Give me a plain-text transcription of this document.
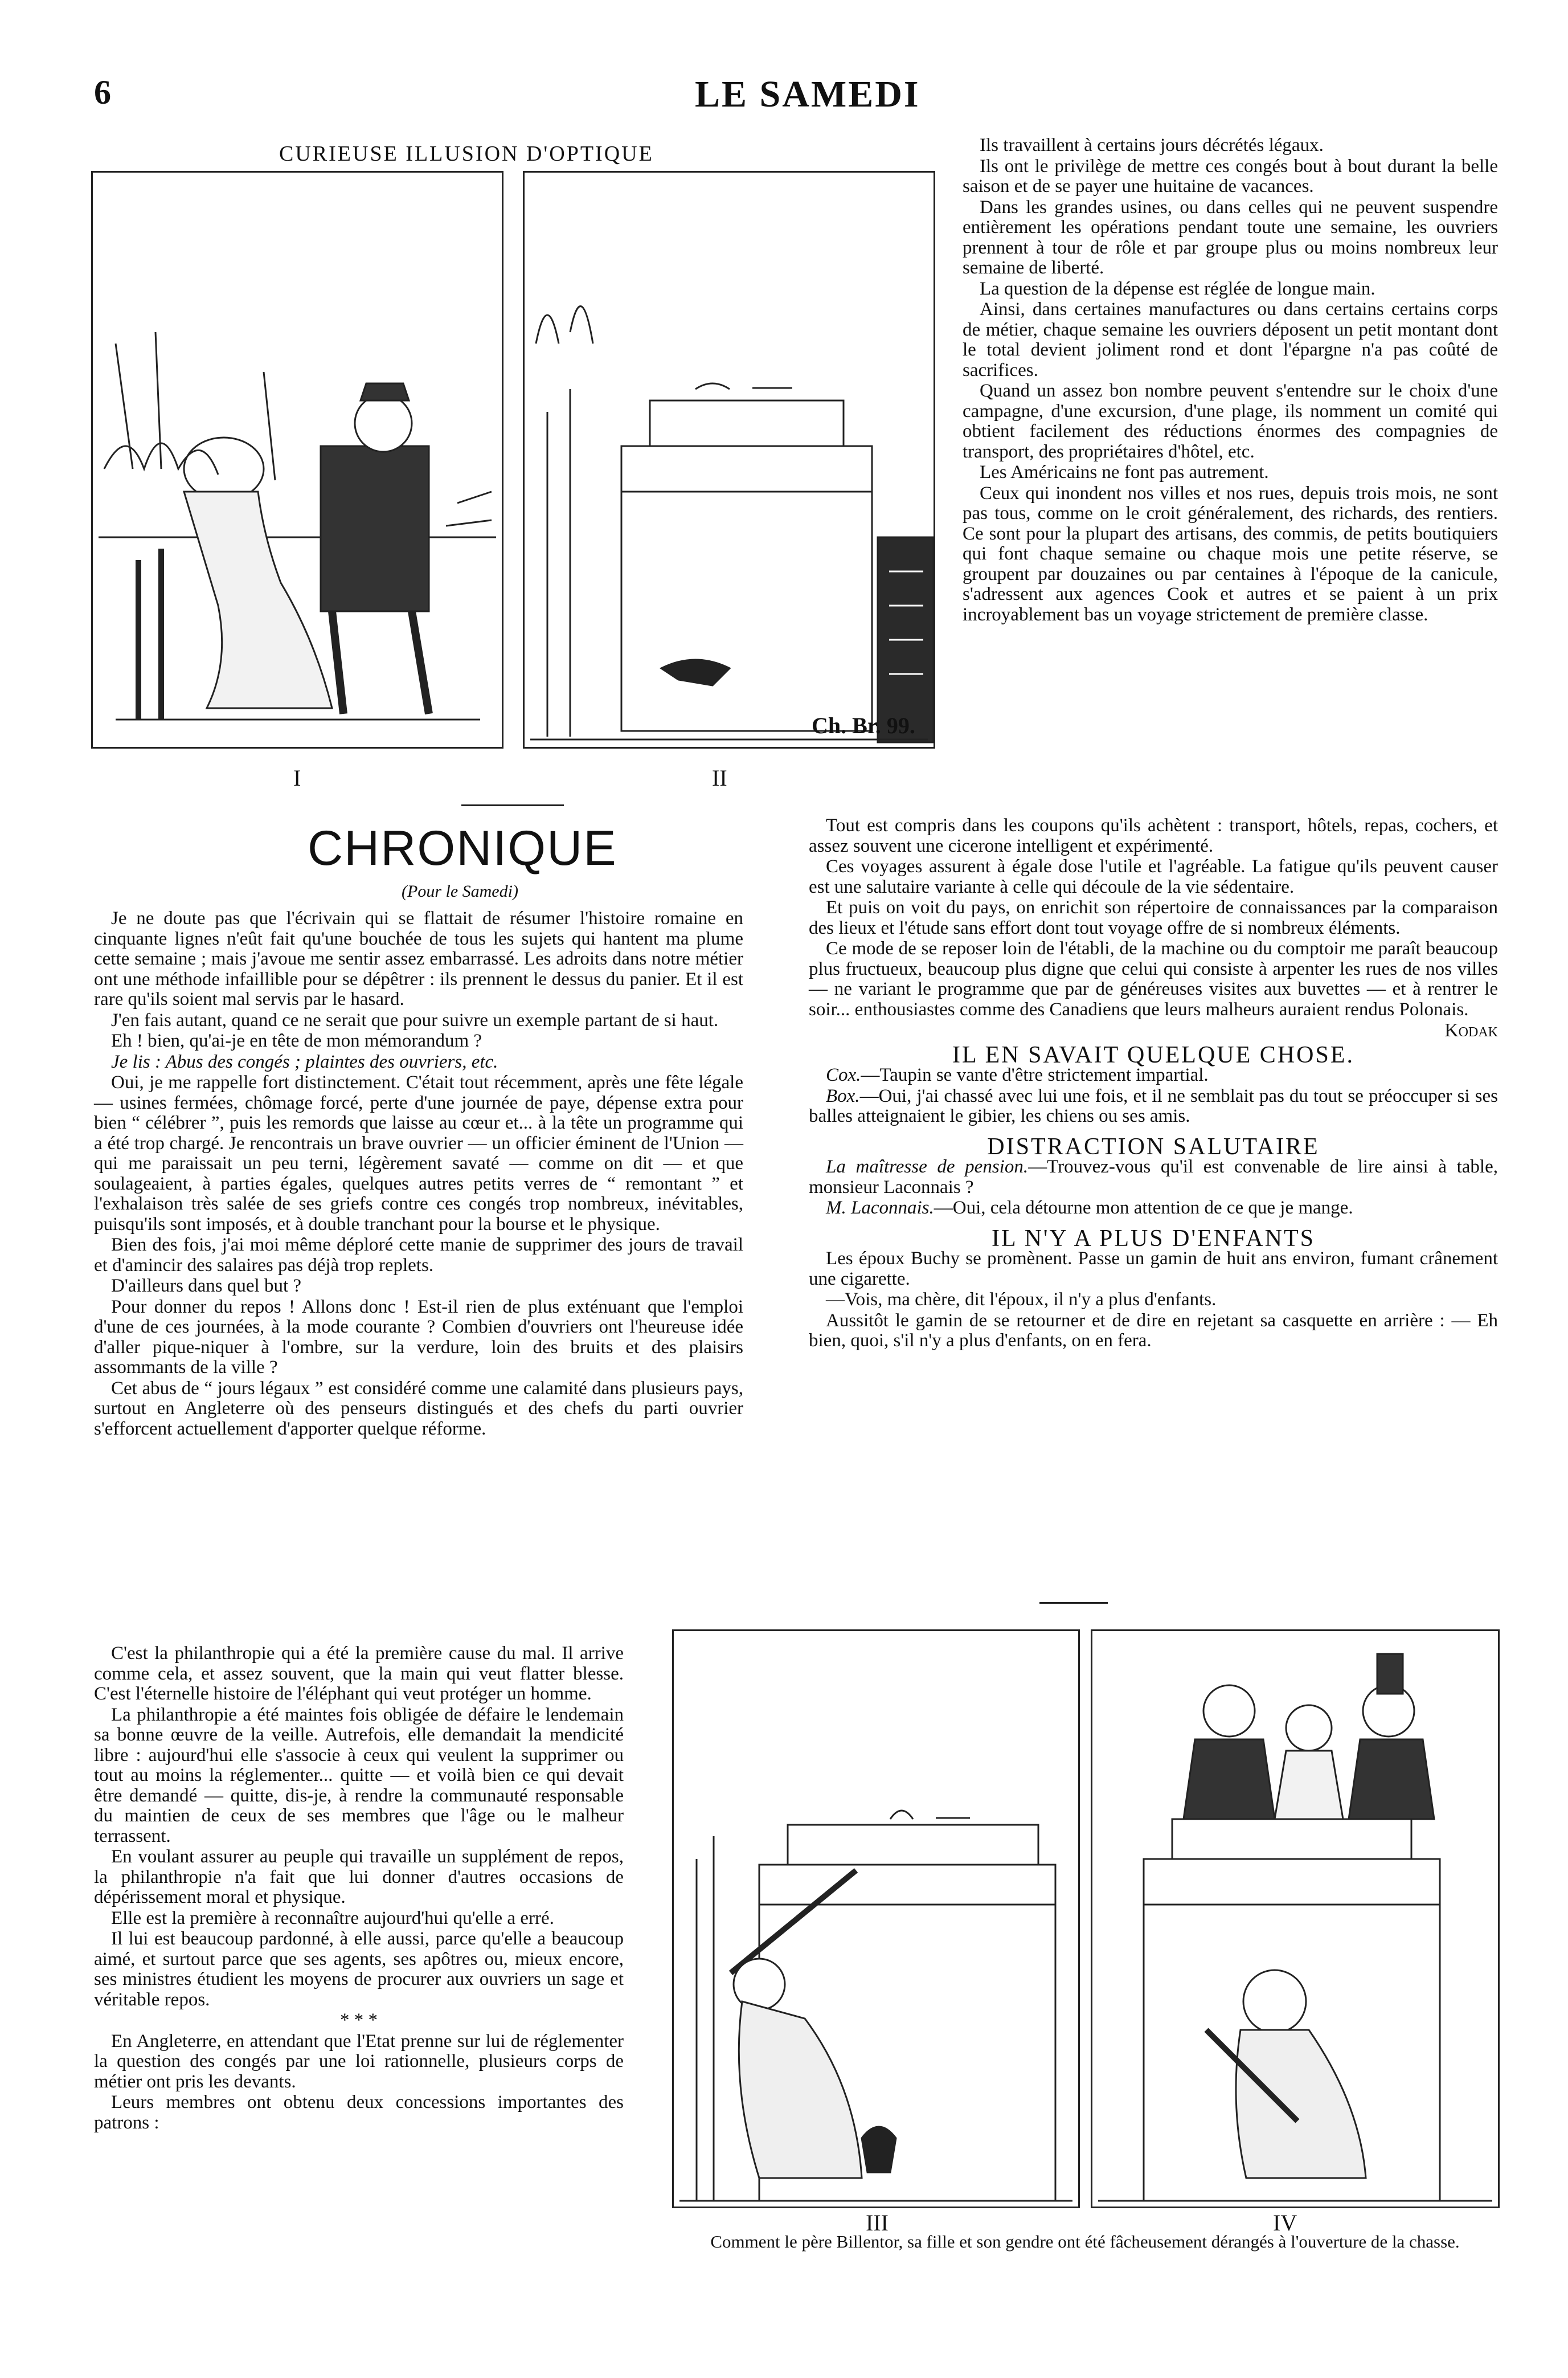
6	LE SAMEDI
CURIEUSE ILLUSION D'OPTIQUE
I
Ch. Br. 99.
II
CHRONIQUE
(Pour le Samedi)

Je ne doute pas que l'écrivain qui se flattait de résumer l'histoire romaine en cinquante lignes n'eût fait qu'une bouchée de tous les sujets qui hantent ma plume cette semaine ; mais j'avoue me sentir assez embarrassé. Les adroits dans notre métier ont une méthode infaillible pour se dépêtrer : ils prennent le dessus du panier. Et il est rare qu'ils soient mal servis par le hasard.

J'en fais autant, quand ce ne serait que pour suivre un exemple partant de si haut.

Eh ! bien, qu'ai-je en tête de mon mémorandum ?

Je lis : Abus des congés ; plaintes des ouvriers, etc.

Oui, je me rappelle fort distinctement. C'était tout récemment, après une fête légale — usines fermées, chômage forcé, perte d'une journée de paye, dépense extra pour bien “ célébrer ”, puis les remords que laisse au cœur et... à la tête un programme qui a été trop chargé. Je rencontrais un brave ouvrier — un officier éminent de l'Union — qui me paraissait un peu terni, légèrement savaté — comme on dit — et que soulageaient, à parties égales, quelques autres petits verres de “ remontant ” et l'exhalaison très salée de ses griefs contre ces congés trop nombreux, inévitables, puisqu'ils sont imposés, et à double tranchant pour la bourse et le physique.

Bien des fois, j'ai moi même déploré cette manie de supprimer des jours de travail et d'amincir des salaires pas déjà trop replets.

D'ailleurs dans quel but ?

Pour donner du repos ! Allons donc ! Est-il rien de plus exténuant que l'emploi d'une de ces journées, à la mode courante ? Combien d'ouvriers ont l'heureuse idée d'aller pique-niquer à l'ombre, sur la verdure, loin des bruits et des plaisirs assommants de la ville ?

Cet abus de “ jours légaux ” est considéré comme une calamité dans plusieurs pays, surtout en Angleterre où des penseurs distingués et des chefs du parti ouvrier s'efforcent actuellement d'apporter quelque réforme.

C'est la philanthropie qui a été la première cause du mal. Il arrive comme cela, et assez souvent, que la main qui veut flatter blesse. C'est l'éternelle histoire de l'éléphant qui veut protéger un homme.

La philanthropie a été maintes fois obligée de défaire le lendemain sa bonne œuvre de la veille. Autrefois, elle demandait la mendicité libre : aujourd'hui elle s'associe à ceux qui veulent la supprimer ou tout au moins la réglementer... quitte — et voilà bien ce qui devait être demandé — quitte, dis-je, à rendre la communauté responsable du maintien de ceux de ses membres que l'âge ou le malheur terrassent.

En voulant assurer au peuple qui travaille un supplément de repos, la philanthropie n'a fait que lui donner d'autres occasions de dépérissement moral et physique.

Elle est la première à reconnaître aujourd'hui qu'elle a erré.

Il lui est beaucoup pardonné, à elle aussi, parce qu'elle a beaucoup aimé, et surtout parce que ses agents, ses apôtres ou, mieux encore, ses ministres étudient les moyens de procurer aux ouvriers un sage et véritable repos.

* * *

En Angleterre, en attendant que l'Etat prenne sur lui de réglementer la question des congés par une loi rationnelle, plusieurs corps de métier ont pris les devants.

Leurs membres ont obtenu deux concessions importantes des patrons :

Ils travaillent à certains jours décrétés légaux.

Ils ont le privilège de mettre ces congés bout à bout durant la belle saison et de se payer une huitaine de vacances.

Dans les grandes usines, ou dans celles qui ne peuvent suspendre entièrement les opérations pendant toute une semaine, les ouvriers prennent à tour de rôle et par groupe plus ou moins nombreux leur semaine de liberté.

La question de la dépense est réglée de longue main.

Ainsi, dans certaines manufactures ou dans certains certains corps de métier, chaque semaine les ouvriers déposent un petit montant dont le total devient joliment rond et dont l'épargne n'a pas coûté de sacrifices.

Quand un assez bon nombre peuvent s'entendre sur le choix d'une campagne, d'une excursion, d'une plage, ils nomment un comité qui obtient facilement des réductions énormes des compagnies de transport, des propriétaires d'hôtel, etc.

Les Américains ne font pas autrement.

Ceux qui inondent nos villes et nos rues, depuis trois mois, ne sont pas tous, comme on le croit généralement, des richards, des rentiers. Ce sont pour la plupart des artisans, des commis, de petits boutiquiers qui font chaque semaine ou chaque mois une petite réserve, se groupent par douzaines ou par centaines à l'époque de la canicule, s'adressent aux agences Cook et autres et se paient à un prix incroyablement bas un voyage strictement de première classe.

Tout est compris dans les coupons qu'ils achètent : transport, hôtels, repas, cochers, et assez souvent une cicerone intelligent et expérimenté.

Ces voyages assurent à égale dose l'utile et l'agréable. La fatigue qu'ils peuvent causer est une salutaire variante à celle qui découle de la vie sédentaire.

Et puis on voit du pays, on enrichit son répertoire de connaissances par la comparaison des lieux et l'étude sans effort dont tout voyage offre de si nombreux éléments.

Ce mode de se reposer loin de l'établi, de la machine ou du comptoir me paraît beaucoup plus fructueux, beaucoup plus digne que celui qui consiste à arpenter les rues de nos villes — ne variant le programme que par de généreuses visites aux buvettes — et à rentrer le soir... enthousiastes comme des Canadiens que leurs malheurs auraient rendus Polonais.

Kodak

IL EN SAVAIT QUELQUE CHOSE.

Cox.—Taupin se vante d'être strictement impartial.

Box.—Oui, j'ai chassé avec lui une fois, et il ne semblait pas du tout se préoccuper si ses balles atteignaient le gibier, les chiens ou ses amis.

DISTRACTION SALUTAIRE

La maîtresse de pension.—Trouvez-vous qu'il est convenable de lire ainsi à table, monsieur Laconnais ?

M. Laconnais.—Oui, cela détourne mon attention de ce que je mange.

IL N'Y A PLUS D'ENFANTS

Les époux Buchy se promènent. Passe un gamin de huit ans environ, fumant crânement une cigarette.

—Vois, ma chère, dit l'époux, il n'y a plus d'enfants.

Aussitôt le gamin de se retourner et de dire en rejetant sa casquette en arrière : — Eh bien, quoi, s'il n'y a plus d'enfants, on en fera.

III	IV
Comment le père Billentor, sa fille et son gendre ont été fâcheusement dérangés à l'ouverture de la chasse.
